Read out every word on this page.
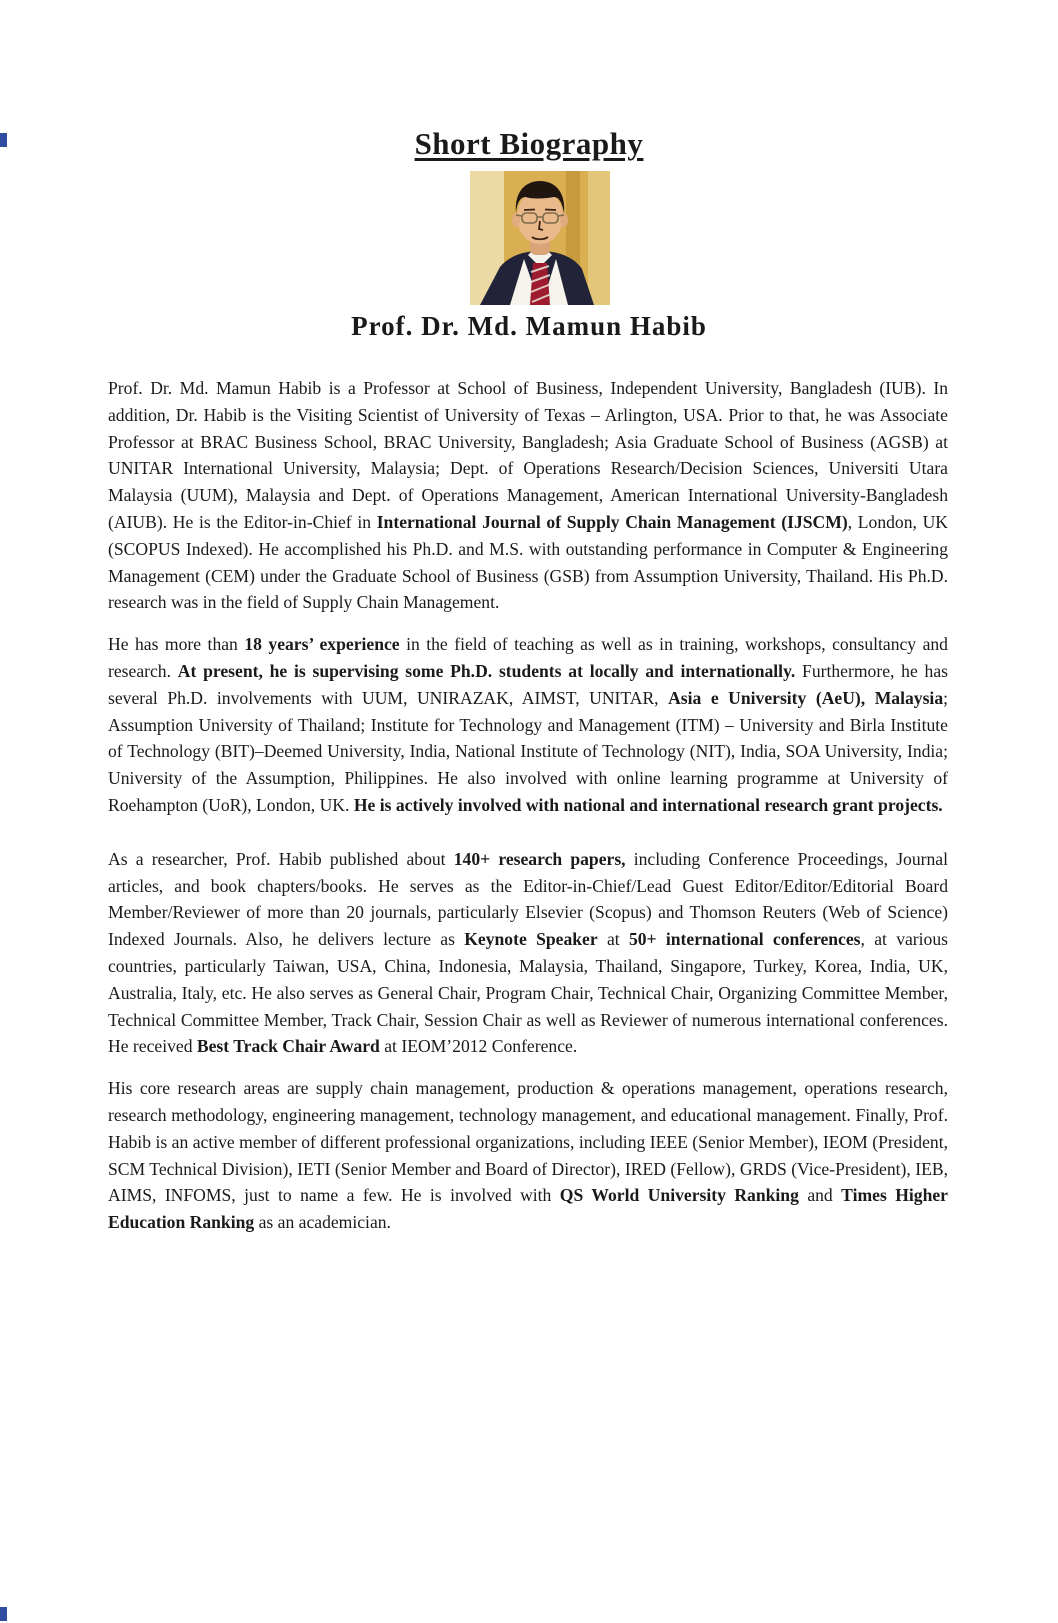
Short Biography
Prof. Dr. Md. Mamun Habib

Prof. Dr. Md. Mamun Habib is a Professor at School of Business, Independent University, Bangladesh (IUB). In addition, Dr. Habib is the Visiting Scientist of University of Texas – Arlington, USA. Prior to that, he was Associate Professor at BRAC Business School, BRAC University, Bangladesh; Asia Graduate School of Business (AGSB) at UNITAR International University, Malaysia; Dept. of Operations Research/Decision Sciences, Universiti Utara Malaysia (UUM), Malaysia and Dept. of Operations Management, American International University-Bangladesh (AIUB). He is the Editor-in-Chief in International Journal of Supply Chain Management (IJSCM), London, UK (SCOPUS Indexed). He accomplished his Ph.D. and M.S. with outstanding performance in Computer & Engineering Management (CEM) under the Graduate School of Business (GSB) from Assumption University, Thailand. His Ph.D. research was in the field of Supply Chain Management.

He has more than 18 years’ experience in the field of teaching as well as in training, workshops, consultancy and research. At present, he is supervising some Ph.D. students at locally and internationally. Furthermore, he has several Ph.D. involvements with UUM, UNIRAZAK, AIMST, UNITAR, Asia e University (AeU), Malaysia; Assumption University of Thailand; Institute for Technology and Management (ITM) – University and Birla Institute of Technology (BIT)–Deemed University, India, National Institute of Technology (NIT), India, SOA University, India; University of the Assumption, Philippines. He also involved with online learning programme at University of Roehampton (UoR), London, UK. He is actively involved with national and international research grant projects.

As a researcher, Prof. Habib published about 140+ research papers, including Conference Proceedings, Journal articles, and book chapters/books. He serves as the Editor-in-Chief/Lead Guest Editor/Editor/Editorial Board Member/Reviewer of more than 20 journals, particularly Elsevier (Scopus) and Thomson Reuters (Web of Science) Indexed Journals. Also, he delivers lecture as Keynote Speaker at 50+ international conferences, at various countries, particularly Taiwan, USA, China, Indonesia, Malaysia, Thailand, Singapore, Turkey, Korea, India, UK, Australia, Italy, etc. He also serves as General Chair, Program Chair, Technical Chair, Organizing Committee Member, Technical Committee Member, Track Chair, Session Chair as well as Reviewer of numerous international conferences. He received Best Track Chair Award at IEOM’2012 Conference.

His core research areas are supply chain management, production & operations management, operations research, research methodology, engineering management, technology management, and educational management. Finally, Prof. Habib is an active member of different professional organizations, including IEEE (Senior Member), IEOM (President, SCM Technical Division), IETI (Senior Member and Board of Director), IRED (Fellow), GRDS (Vice-President), IEB, AIMS, INFOMS, just to name a few. He is involved with QS World University Ranking and Times Higher Education Ranking as an academician.
